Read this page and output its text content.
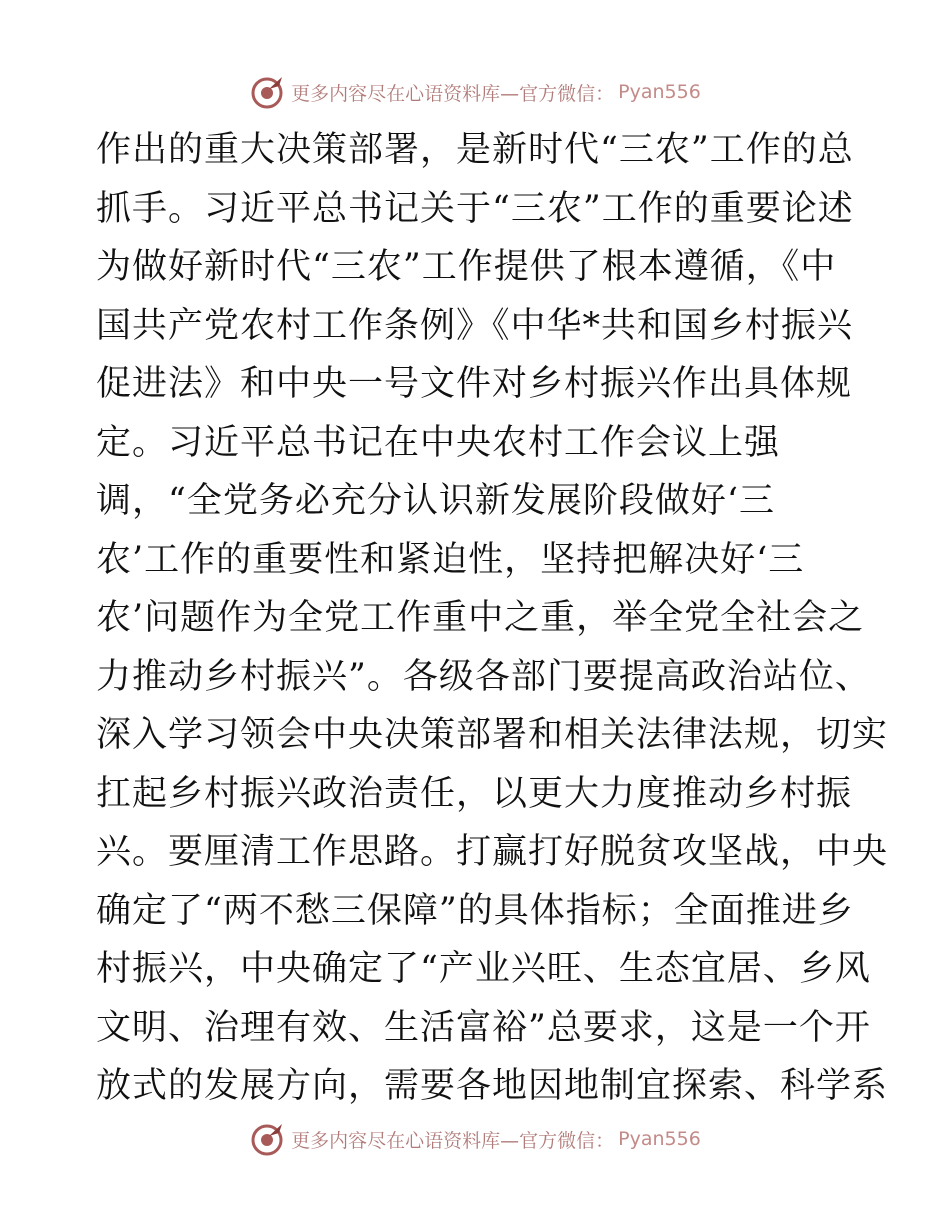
更多内容尽在心语资料库—官方微信： Pyan556
作出的重大决策部署，是新时代“三农”工作的总
抓手。习近平总书记关于“三农”工作的重要论述
为做好新时代“三农”工作提供了根本遵循，《中
国共产党农村工作条例》《中华*共和国乡村振兴
促进法》和中央一号文件对乡村振兴作出具体规
定。习近平总书记在中央农村工作会议上强
调，“全党务必充分认识新发展阶段做好‘三
农’工作的重要性和紧迫性，坚持把解决好‘三
农’问题作为全党工作重中之重，举全党全社会之
力推动乡村振兴”。各级各部门要提高政治站位、
深入学习领会中央决策部署和相关法律法规，切实
扛起乡村振兴政治责任，以更大力度推动乡村振
兴。要厘清工作思路。打赢打好脱贫攻坚战，中央
确定了“两不愁三保障”的具体指标；全面推进乡
村振兴，中央确定了“产业兴旺、生态宜居、乡风
文明、治理有效、生活富裕”总要求，这是一个开
放式的发展方向，需要各地因地制宜探索、科学系
更多内容尽在心语资料库—官方微信： Pyan556
